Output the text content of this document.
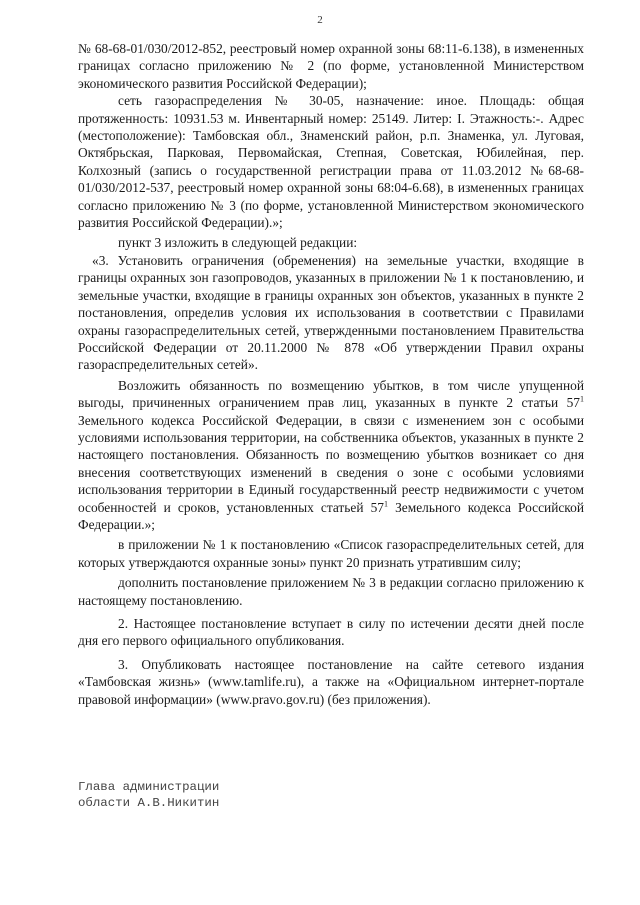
2

№ 68-68-01/030/2012-852, реестровый номер охранной зоны 68:11-6.138), в измененных границах согласно приложению № 2 (по форме, установленной Министерством экономического развития Российской Федерации);

сеть газораспределения № 30-05, назначение: иное. Площадь: общая протяженность: 10931.53 м. Инвентарный номер: 25149. Литер: I. Этажность:-. Адрес (местоположение): Тамбовская обл., Знаменский район, р.п. Знаменка, ул. Луговая, Октябрьская, Парковая, Первомайская, Степная, Советская, Юбилейная, пер. Колхозный (запись о государственной регистрации права от 11.03.2012 №68-68-01/030/2012-537, реестровый номер охранной зоны 68:04-6.68), в измененных границах согласно приложению № 3 (по форме, установленной Министерством экономического развития Российской Федерации).»;

пункт 3 изложить в следующей редакции:

«3. Установить ограничения (обременения) на земельные участки, входящие в границы охранных зон газопроводов, указанных в приложении № 1 к постановлению, и земельные участки, входящие в границы охранных зон объектов, указанных в пункте 2 постановления, определив условия их использования в соответствии с Правилами охраны газораспределительных сетей, утвержденными постановлением Правительства Российской Федерации от 20.11.2000 № 878 «Об утверждении Правил охраны газораспределительных сетей».

Возложить обязанность по возмещению убытков, в том числе упущенной выгоды, причиненных ограничением прав лиц, указанных в пункте 2 статьи $57^1$ Земельного кодекса Российской Федерации, в связи с изменением зон с особыми условиями использования территории, на собственника объектов, указанных в пункте 2 настоящего постановления. Обязанность по возмещению убытков возникает со дня внесения соответствующих изменений в сведения о зоне с особыми условиями использования территории в Единый государственный реестр недвижимости с учетом особенностей и сроков, установленных статьей $57^1$ Земельного кодекса Российской Федерации.»;

в приложении № 1 к постановлению «Список газораспределительных сетей, для которых утверждаются охранные зоны» пункт 20 признать утратившим силу;

дополнить постановление приложением № 3 в редакции согласно приложению к настоящему постановлению.

2. Настоящее постановление вступает в силу по истечении десяти дней после дня его первого официального опубликования.

3. Опубликовать настоящее постановление на сайте сетевого издания «Тамбовская жизнь» (www.tamlife.ru), а также на «Официальном интернет-портале правовой информации» (www.pravo.gov.ru) (без приложения).

Глава администрации
области А.В.Никитин
